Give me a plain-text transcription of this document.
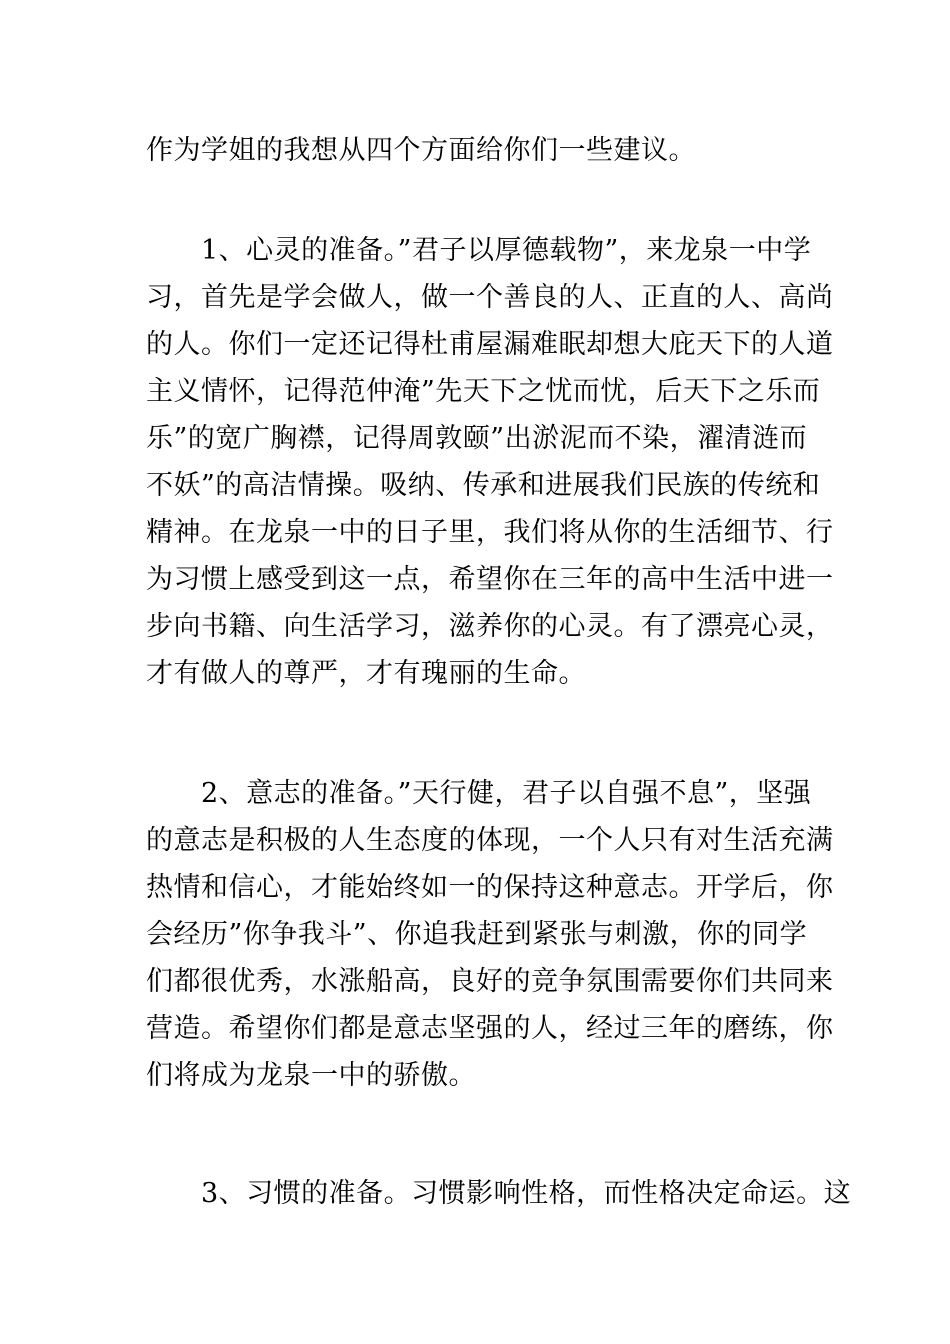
作为学姐的我想从四个方面给你们一些建议。
　　1、心灵的准备。”君子以厚德载物”，来龙泉一中学
习，首先是学会做人，做一个善良的人、正直的人、高尚
的人。你们一定还记得杜甫屋漏难眠却想大庇天下的人道
主义情怀，记得范仲淹”先天下之忧而忧，后天下之乐而
乐”的宽广胸襟，记得周敦颐”出淤泥而不染，濯清涟而
不妖”的高洁情操。吸纳、传承和进展我们民族的传统和
精神。在龙泉一中的日子里，我们将从你的生活细节、行
为习惯上感受到这一点，希望你在三年的高中生活中进一
步向书籍、向生活学习，滋养你的心灵。有了漂亮心灵，
才有做人的尊严，才有瑰丽的生命。
　　2、意志的准备。”天行健，君子以自强不息”，坚强
的意志是积极的人生态度的体现，一个人只有对生活充满
热情和信心，才能始终如一的保持这种意志。开学后，你
会经历”你争我斗”、你追我赶到紧张与刺激，你的同学
们都很优秀，水涨船高，良好的竞争氛围需要你们共同来
营造。希望你们都是意志坚强的人，经过三年的磨练，你
们将成为龙泉一中的骄傲。
　　3、习惯的准备。习惯影响性格，而性格决定命运。这
